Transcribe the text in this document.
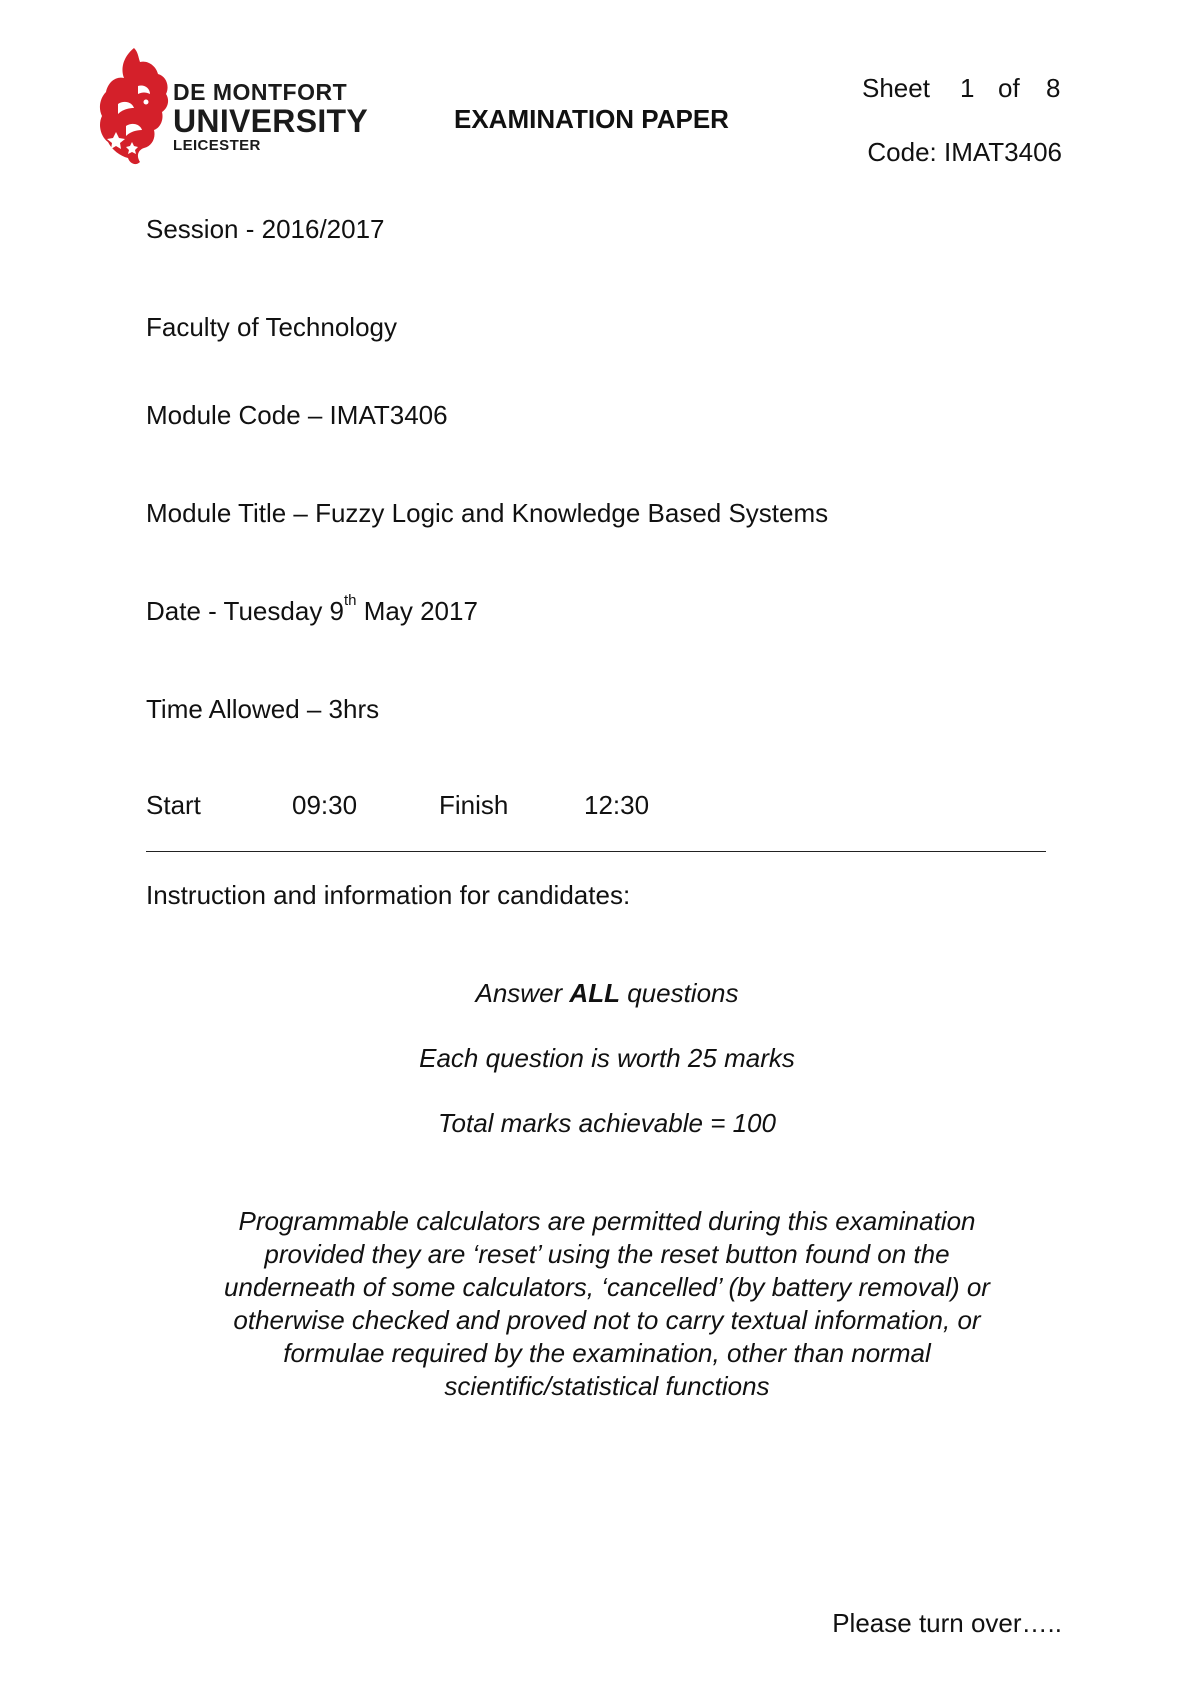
DE MONTFORT
UNIVERSITY
LEICESTER
EXAMINATION PAPER
Sheet 1 of 8
Code: IMAT3406
Session - 2016/2017
Faculty of Technology
Module Code – IMAT3406
Module Title – Fuzzy Logic and Knowledge Based Systems
Date - Tuesday 9th May 2017
Time Allowed – 3hrs
Start	09:30	Finish	12:30
Instruction and information for candidates:
Answer ALL questions
Each question is worth 25 marks
Total marks achievable = 100
Programmable calculators are permitted during this examination
provided they are ‘reset’ using the reset button found on the
underneath of some calculators, ‘cancelled’ (by battery removal) or
otherwise checked and proved not to carry textual information, or
formulae required by the examination, other than normal
scientific/statistical functions
Please turn over…..
